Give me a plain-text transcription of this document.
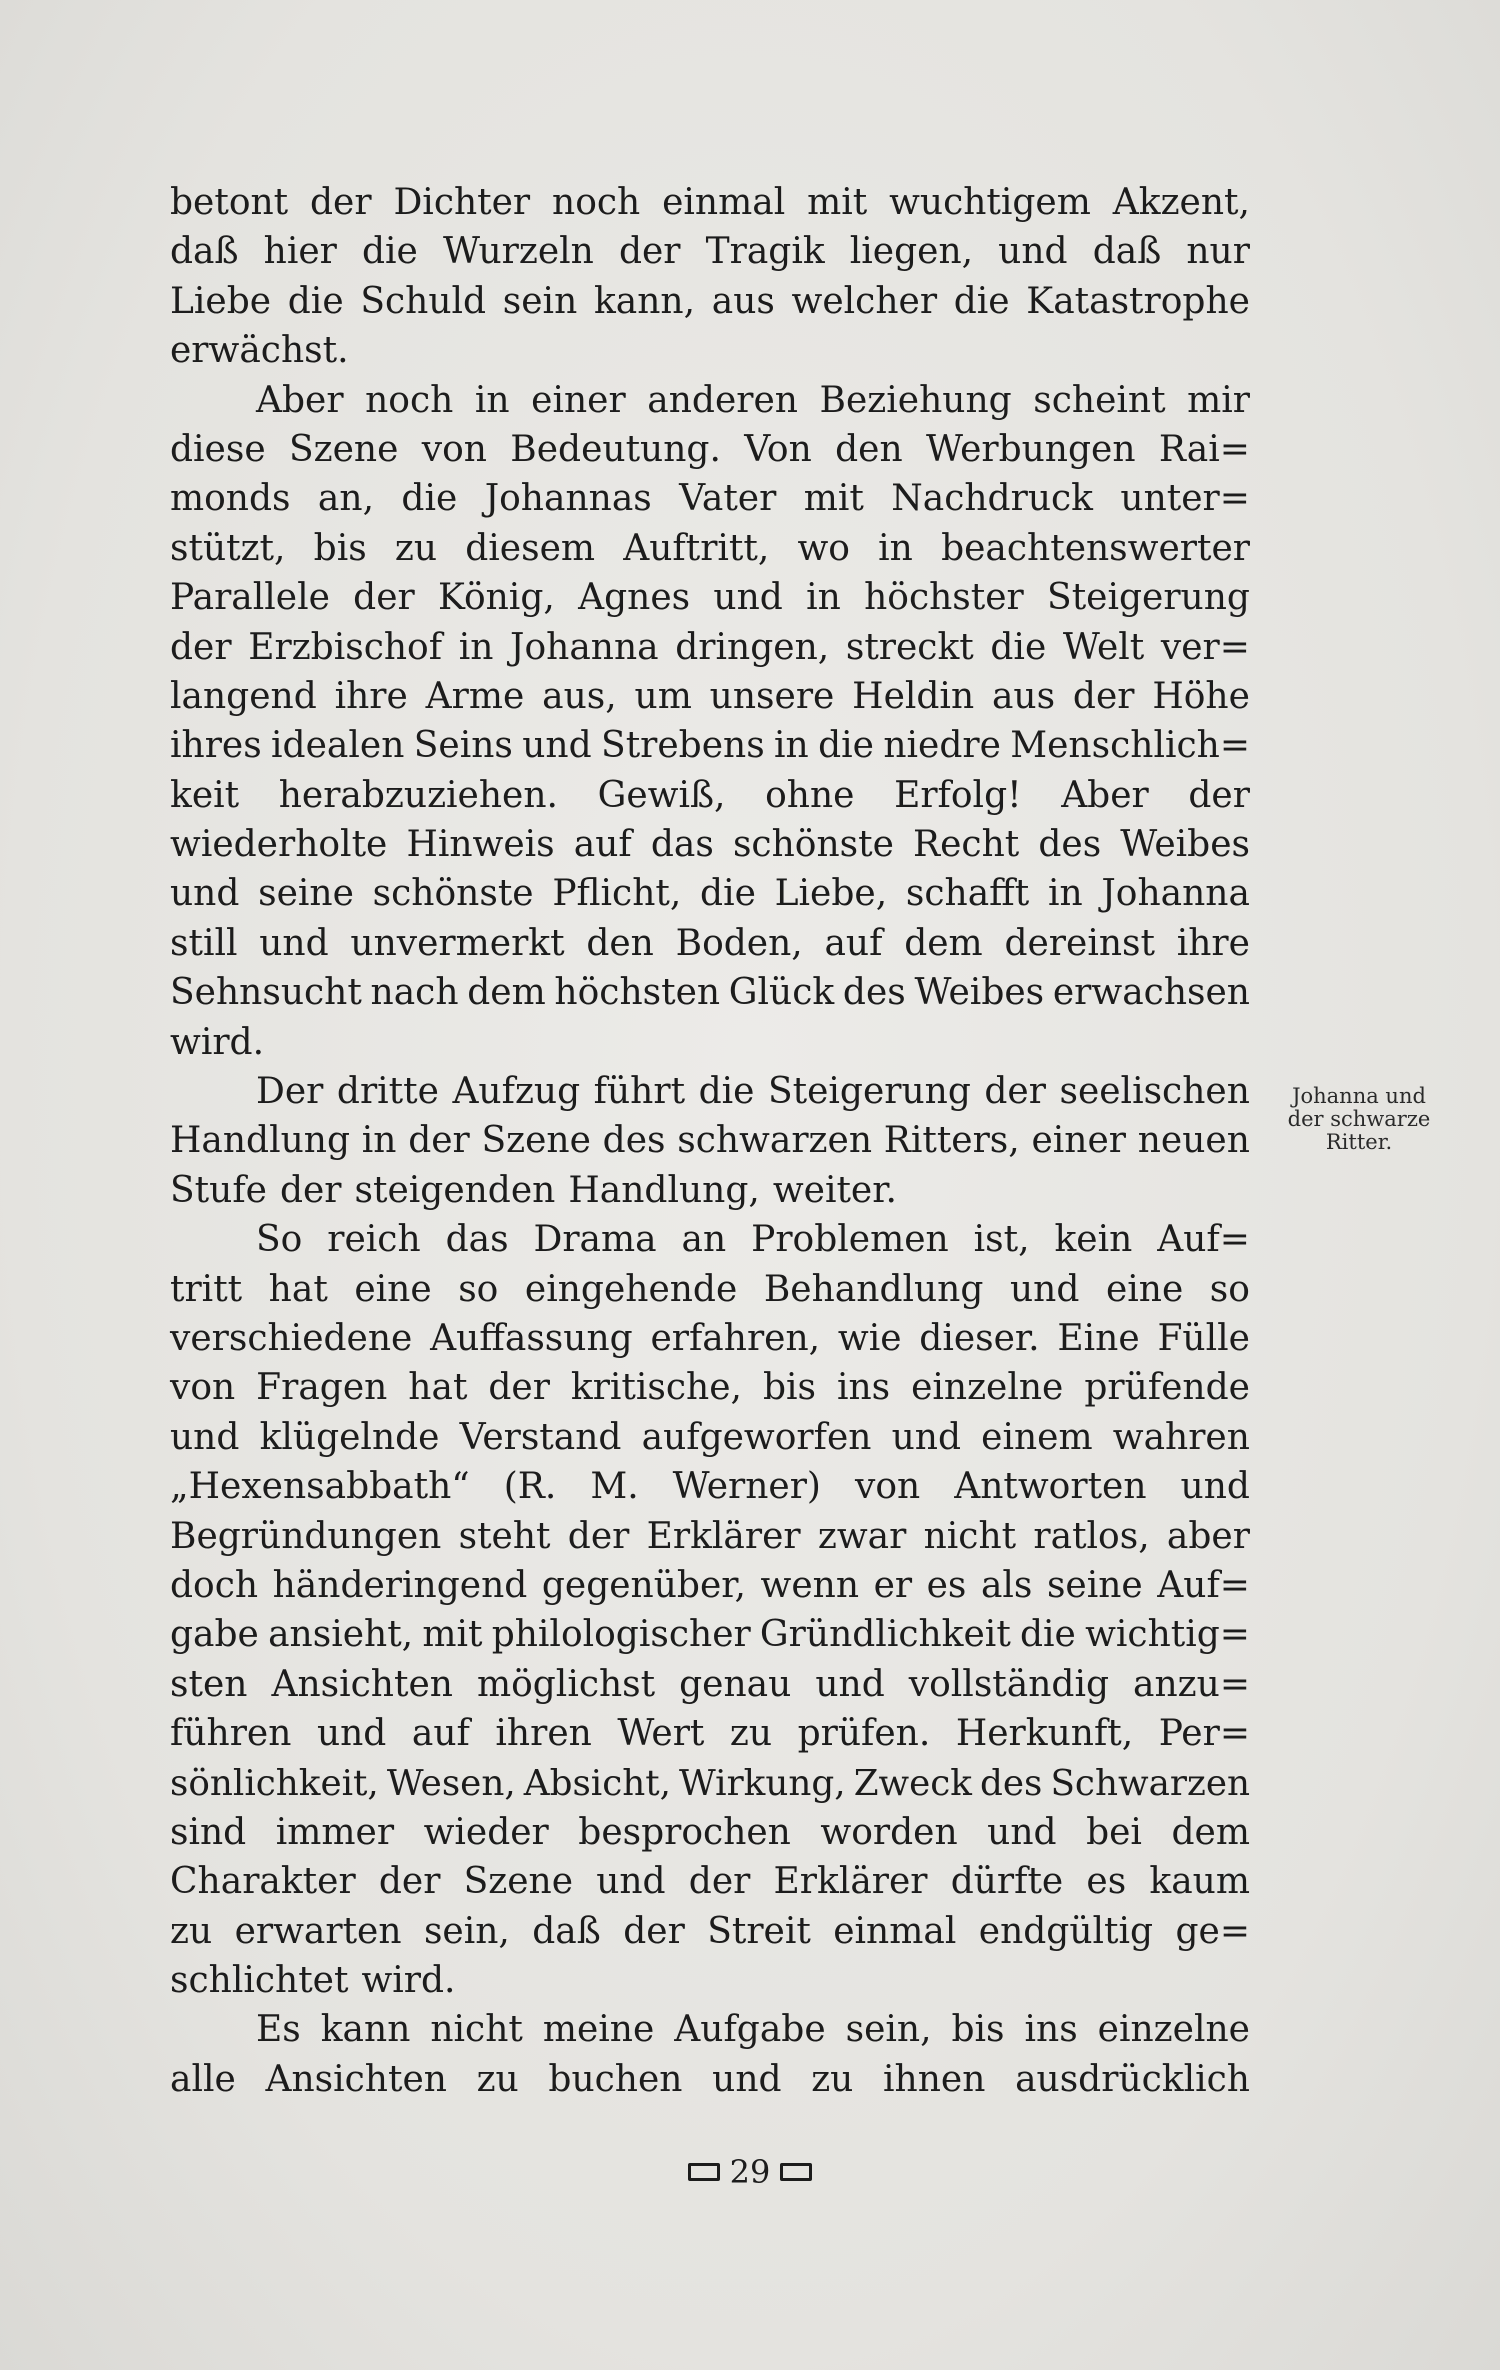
betont der Dichter noch einmal mit wuchtigem Akzent,
daß hier die Wurzeln der Tragik liegen, und daß nur
Liebe die Schuld sein kann, aus welcher die Katastrophe
erwächst.
Aber noch in einer anderen Beziehung scheint mir
diese Szene von Bedeutung. Von den Werbungen Rai=
monds an, die Johannas Vater mit Nachdruck unter=
stützt, bis zu diesem Auftritt, wo in beachtenswerter
Parallele der König, Agnes und in höchster Steigerung
der Erzbischof in Johanna dringen, streckt die Welt ver=
langend ihre Arme aus, um unsere Heldin aus der Höhe
ihres idealen Seins und Strebens in die niedre Menschlich=
keit herabzuziehen. Gewiß, ohne Erfolg! Aber der
wiederholte Hinweis auf das schönste Recht des Weibes
und seine schönste Pflicht, die Liebe, schafft in Johanna
still und unvermerkt den Boden, auf dem dereinst ihre
Sehnsucht nach dem höchsten Glück des Weibes erwachsen
wird.
Der dritte Aufzug führt die Steigerung der seelischen
Handlung in der Szene des schwarzen Ritters, einer neuen
Stufe der steigenden Handlung, weiter.
So reich das Drama an Problemen ist, kein Auf=
tritt hat eine so eingehende Behandlung und eine so
verschiedene Auffassung erfahren, wie dieser. Eine Fülle
von Fragen hat der kritische, bis ins einzelne prüfende
und klügelnde Verstand aufgeworfen und einem wahren
„Hexensabbath“ (R. M. Werner) von Antworten und
Begründungen steht der Erklärer zwar nicht ratlos, aber
doch händeringend gegenüber, wenn er es als seine Auf=
gabe ansieht, mit philologischer Gründlichkeit die wichtig=
sten Ansichten möglichst genau und vollständig anzu=
führen und auf ihren Wert zu prüfen. Herkunft, Per=
sönlichkeit, Wesen, Absicht, Wirkung, Zweck des Schwarzen
sind immer wieder besprochen worden und bei dem
Charakter der Szene und der Erklärer dürfte es kaum
zu erwarten sein, daß der Streit einmal endgültig ge=
schlichtet wird.
Es kann nicht meine Aufgabe sein, bis ins einzelne
alle Ansichten zu buchen und zu ihnen ausdrücklich
Johanna und
der schwarze
Ritter.
29
